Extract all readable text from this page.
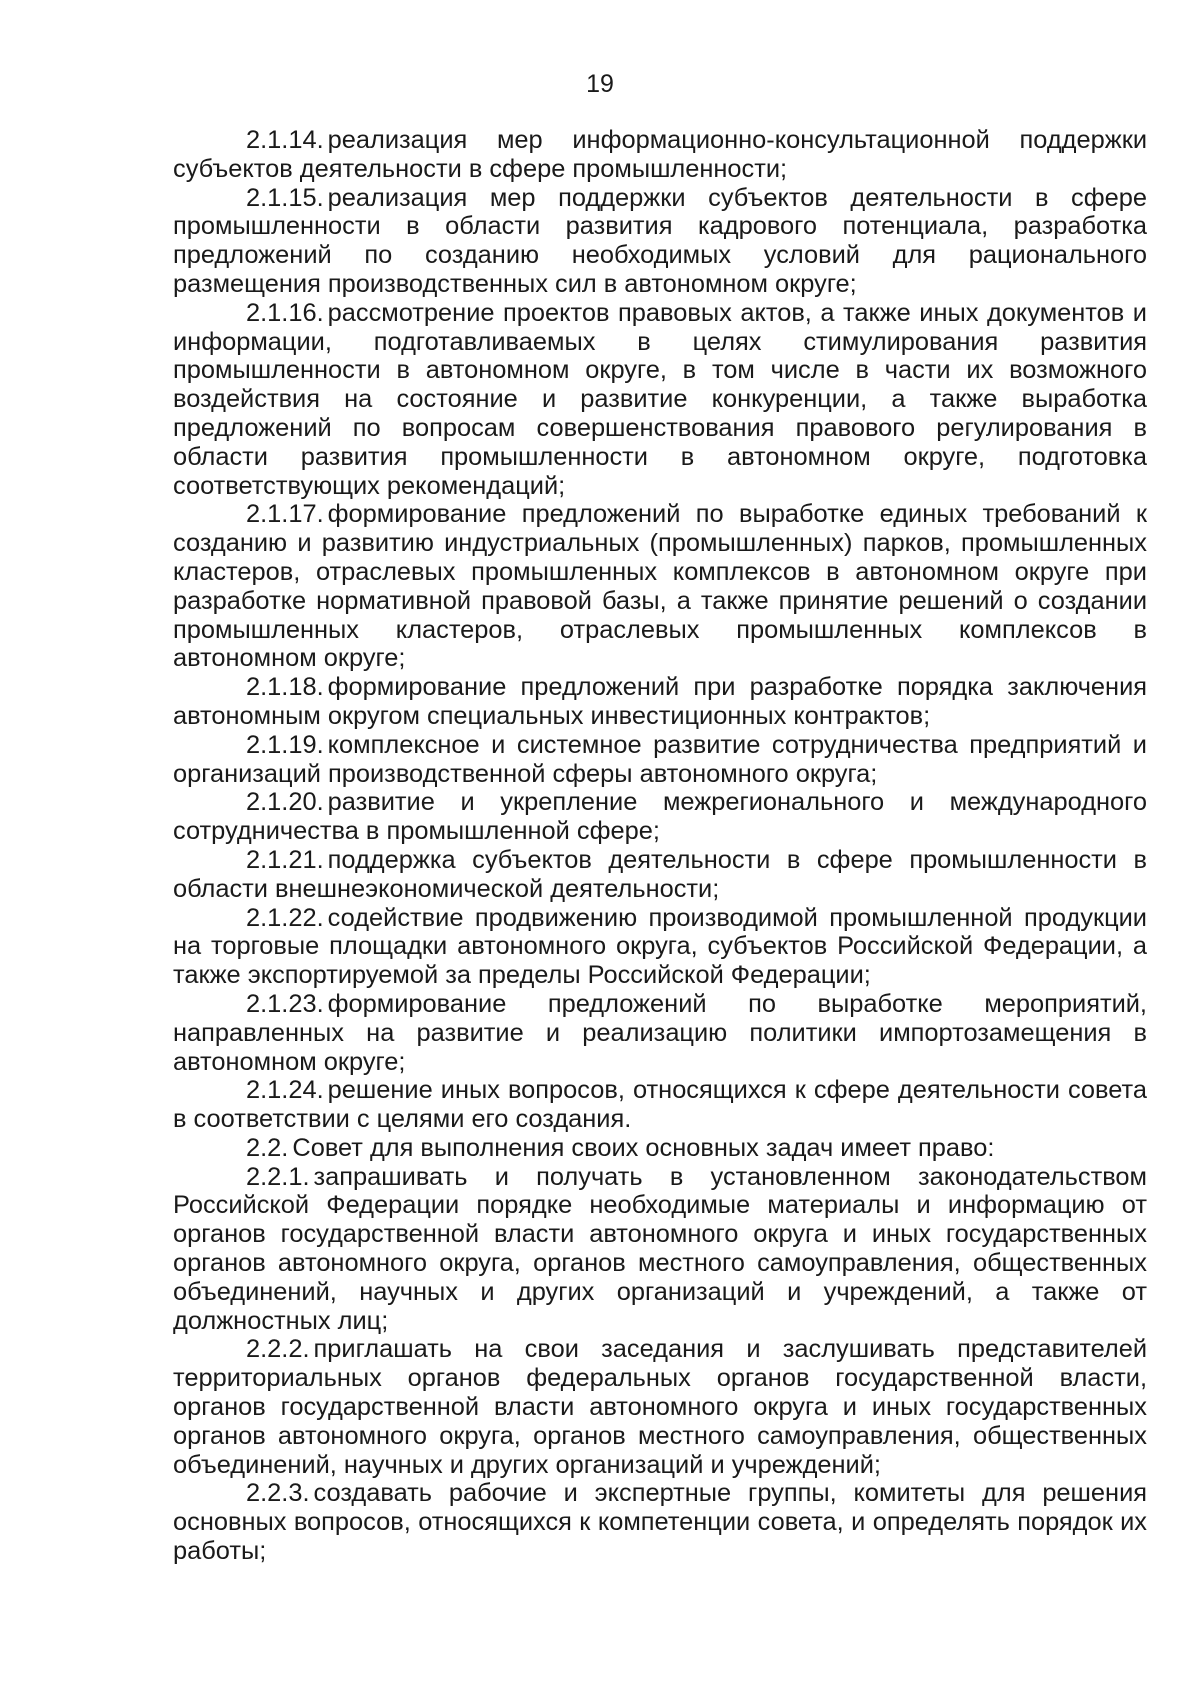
19

2.1.14. реализация мер информационно-консультационной поддержки субъектов деятельности в сфере промышленности;

2.1.15. реализация мер поддержки субъектов деятельности в сфере промышленности в области развития кадрового потенциала, разработка предложений по созданию необходимых условий для рационального размещения производственных сил в автономном округе;

2.1.16. рассмотрение проектов правовых актов, а также иных документов и информации, подготавливаемых в целях стимулирования развития промышленности в автономном округе, в том числе в части их возможного воздействия на состояние и развитие конкуренции, а также выработка предложений по вопросам совершенствования правового регулирования в области развития промышленности в автономном округе, подготовка соответствующих рекомендаций;

2.1.17. формирование предложений по выработке единых требований к созданию и развитию индустриальных (промышленных) парков, промышленных кластеров, отраслевых промышленных комплексов в автономном округе при разработке нормативной правовой базы, а также принятие решений о создании промышленных кластеров, отраслевых промышленных комплексов в автономном округе;

2.1.18. формирование предложений при разработке порядка заключения автономным округом специальных инвестиционных контрактов;

2.1.19. комплексное и системное развитие сотрудничества предприятий и организаций производственной сферы автономного округа;

2.1.20. развитие и укрепление межрегионального и международного сотрудничества в промышленной сфере;

2.1.21. поддержка субъектов деятельности в сфере промышленности в области внешнеэкономической деятельности;

2.1.22. содействие продвижению производимой промышленной продукции на торговые площадки автономного округа, субъектов Российской Федерации, а также экспортируемой за пределы Российской Федерации;

2.1.23. формирование предложений по выработке мероприятий, направленных на развитие и реализацию политики импортозамещения в автономном округе;

2.1.24. решение иных вопросов, относящихся к сфере деятельности совета в соответствии с целями его создания.

2.2. Совет для выполнения своих основных задач имеет право:

2.2.1. запрашивать и получать в установленном законодательством Российской Федерации порядке необходимые материалы и информацию от органов государственной власти автономного округа и иных государственных органов автономного округа, органов местного самоуправления, общественных объединений, научных и других организаций и учреждений, а также от должностных лиц;

2.2.2. приглашать на свои заседания и заслушивать представителей территориальных органов федеральных органов государственной власти, органов государственной власти автономного округа и иных государственных органов автономного округа, органов местного самоуправления, общественных объединений, научных и других организаций и учреждений;

2.2.3. создавать рабочие и экспертные группы, комитеты для решения основных вопросов, относящихся к компетенции совета, и определять порядок их работы;
